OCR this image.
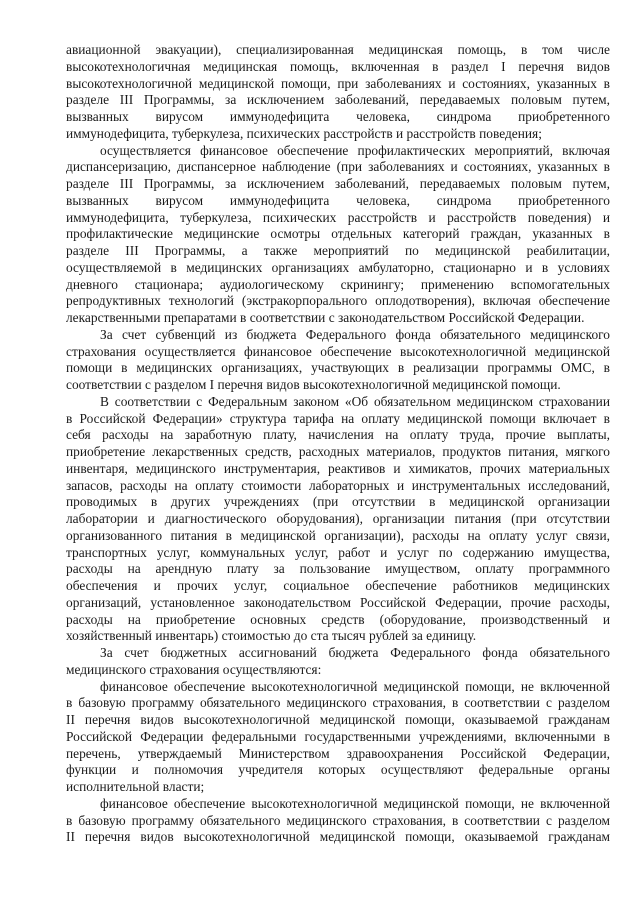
авиационной эвакуации), специализированная медицинская помощь, в том числе

высокотехнологичная медицинская помощь, включенная в раздел I перечня видов

высокотехнологичной медицинской помощи, при заболеваниях и состояниях, указанных в

разделе III Программы, за исключением заболеваний, передаваемых половым путем,

вызванных вирусом иммунодефицита человека, синдрома приобретенного

иммунодефицита, туберкулеза, психических расстройств и расстройств поведения;

осуществляется финансовое обеспечение профилактических мероприятий, включая

диспансеризацию, диспансерное наблюдение (при заболеваниях и состояниях, указанных в

разделе III Программы, за исключением заболеваний, передаваемых половым путем,

вызванных вирусом иммунодефицита человека, синдрома приобретенного

иммунодефицита, туберкулеза, психических расстройств и расстройств поведения) и

профилактические медицинские осмотры отдельных категорий граждан, указанных в

разделе III Программы, а также мероприятий по медицинской реабилитации,

осуществляемой в медицинских организациях амбулаторно, стационарно и в условиях

дневного стационара; аудиологическому скринингу; применению вспомогательных

репродуктивных технологий (экстракорпорального оплодотворения), включая обеспечение

лекарственными препаратами в соответствии с законодательством Российской Федерации.

За счет субвенций из бюджета Федерального фонда обязательного медицинского

страхования осуществляется финансовое обеспечение высокотехнологичной медицинской

помощи в медицинских организациях, участвующих в реализации программы ОМС, в

соответствии с разделом I перечня видов высокотехнологичной медицинской помощи.

В соответствии с Федеральным законом «Об обязательном медицинском страховании

в Российской Федерации» структура тарифа на оплату медицинской помощи включает в

себя расходы на заработную плату, начисления на оплату труда, прочие выплаты,

приобретение лекарственных средств, расходных материалов, продуктов питания, мягкого

инвентаря, медицинского инструментария, реактивов и химикатов, прочих материальных

запасов, расходы на оплату стоимости лабораторных и инструментальных исследований,

проводимых в других учреждениях (при отсутствии в медицинской организации

лаборатории и диагностического оборудования), организации питания (при отсутствии

организованного питания в медицинской организации), расходы на оплату услуг связи,

транспортных услуг, коммунальных услуг, работ и услуг по содержанию имущества,

расходы на арендную плату за пользование имуществом, оплату программного

обеспечения и прочих услуг, социальное обеспечение работников медицинских

организаций, установленное законодательством Российской Федерации, прочие расходы,

расходы на приобретение основных средств (оборудование, производственный и

хозяйственный инвентарь) стоимостью до ста тысяч рублей за единицу.

За счет бюджетных ассигнований бюджета Федерального фонда обязательного

медицинского страхования осуществляются:

финансовое обеспечение высокотехнологичной медицинской помощи, не включенной

в базовую программу обязательного медицинского страхования, в соответствии с разделом

II перечня видов высокотехнологичной медицинской помощи, оказываемой гражданам

Российской Федерации федеральными государственными учреждениями, включенными в

перечень, утверждаемый Министерством здравоохранения Российской Федерации,

функции и полномочия учредителя которых осуществляют федеральные органы

исполнительной власти;

финансовое обеспечение высокотехнологичной медицинской помощи, не включенной

в базовую программу обязательного медицинского страхования, в соответствии с разделом

II перечня видов высокотехнологичной медицинской помощи, оказываемой гражданам
